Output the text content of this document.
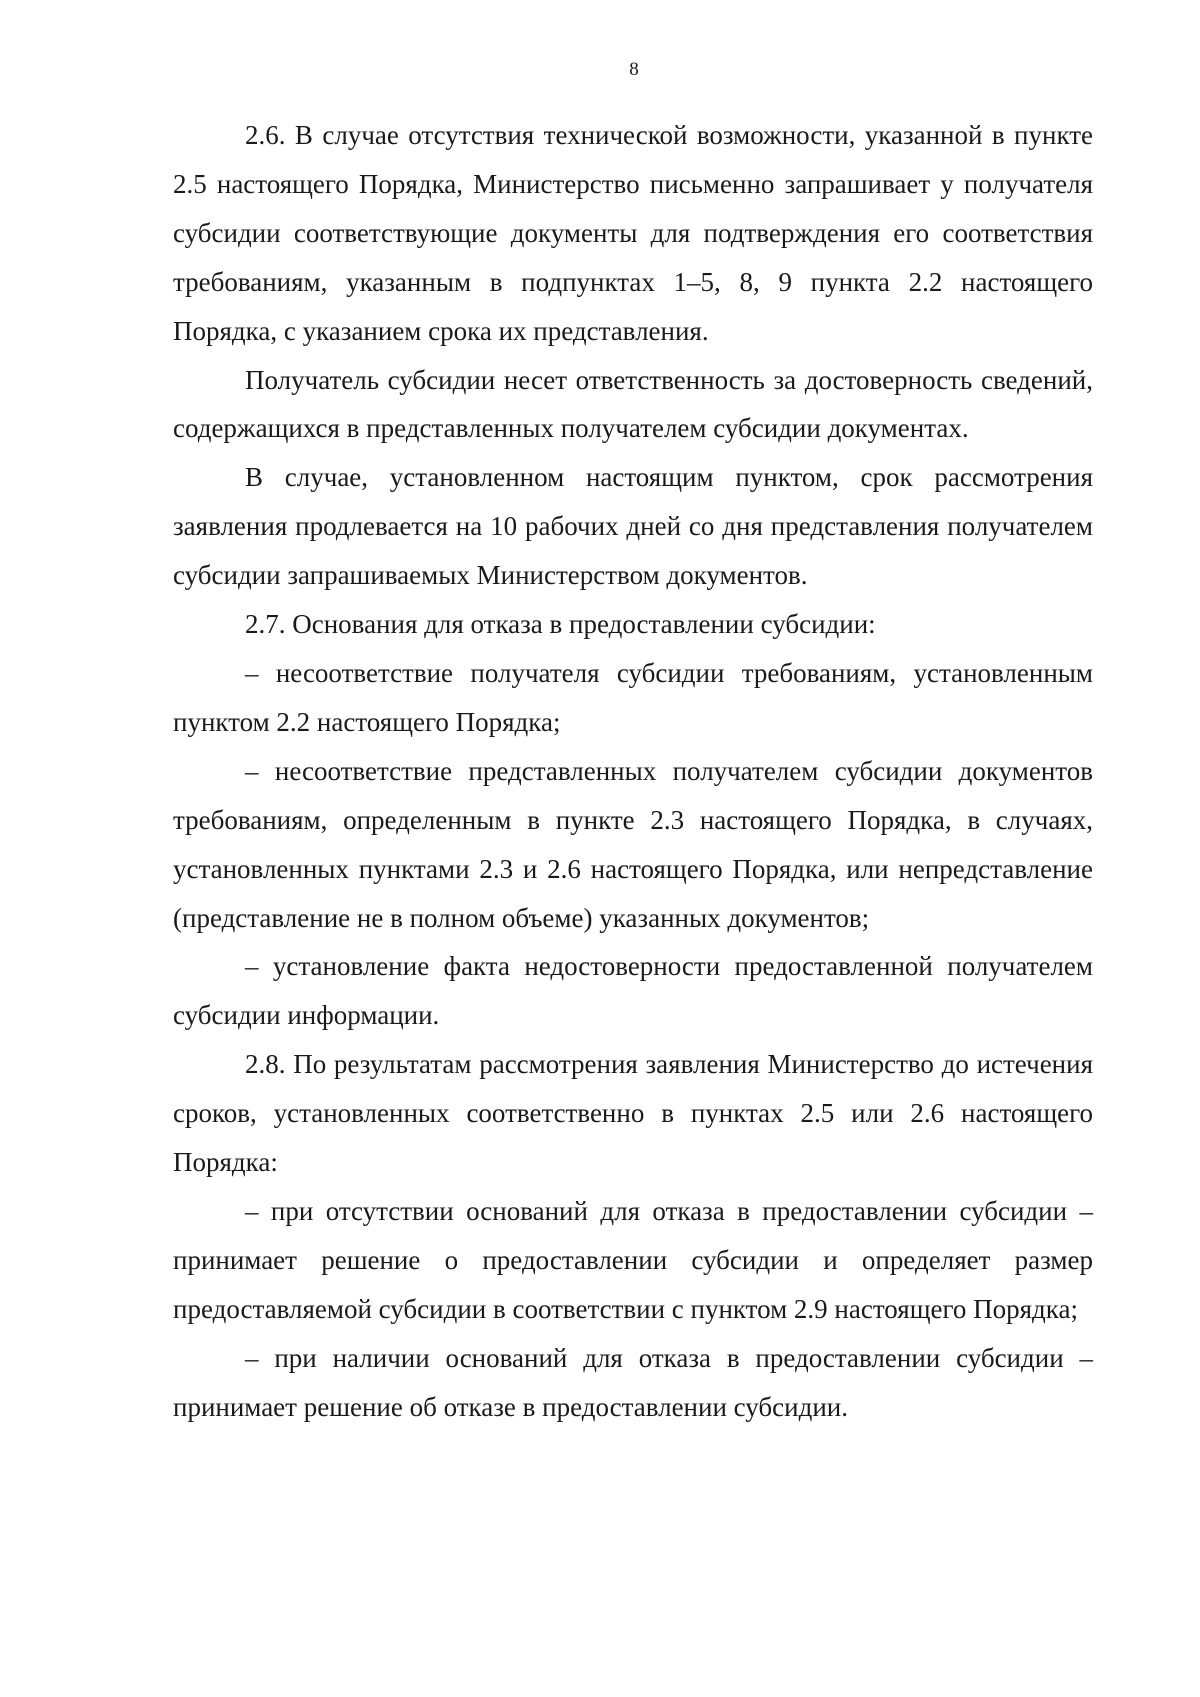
8

2.6. В случае отсутствия технической возможности, указанной в пункте 2.5 настоящего Порядка, Министерство письменно запрашивает у получателя субсидии соответствующие документы для подтверждения его соответствия требованиям, указанным в подпунктах 1–5, 8, 9 пункта 2.2 настоящего Порядка, с указанием срока их представления.

Получатель субсидии несет ответственность за достоверность сведений, содержащихся в представленных получателем субсидии документах.

В случае, установленном настоящим пунктом, срок рассмотрения заявления продлевается на 10 рабочих дней со дня представления получателем субсидии запрашиваемых Министерством документов.

2.7. Основания для отказа в предоставлении субсидии:

– несоответствие получателя субсидии требованиям, установленным пунктом 2.2 настоящего Порядка;

– несоответствие представленных получателем субсидии документов требованиям, определенным в пункте 2.3 настоящего Порядка, в случаях, установленных пунктами 2.3 и 2.6 настоящего Порядка, или непредставление (представление не в полном объеме) указанных документов;

– установление факта недостоверности предоставленной получателем субсидии информации.

2.8. По результатам рассмотрения заявления Министерство до истечения сроков, установленных соответственно в пунктах 2.5 или 2.6 настоящего Порядка:

– при отсутствии оснований для отказа в предоставлении субсидии – принимает решение о предоставлении субсидии и определяет размер предоставляемой субсидии в соответствии с пунктом 2.9 настоящего Порядка;

– при наличии оснований для отказа в предоставлении субсидии – принимает решение об отказе в предоставлении субсидии.
